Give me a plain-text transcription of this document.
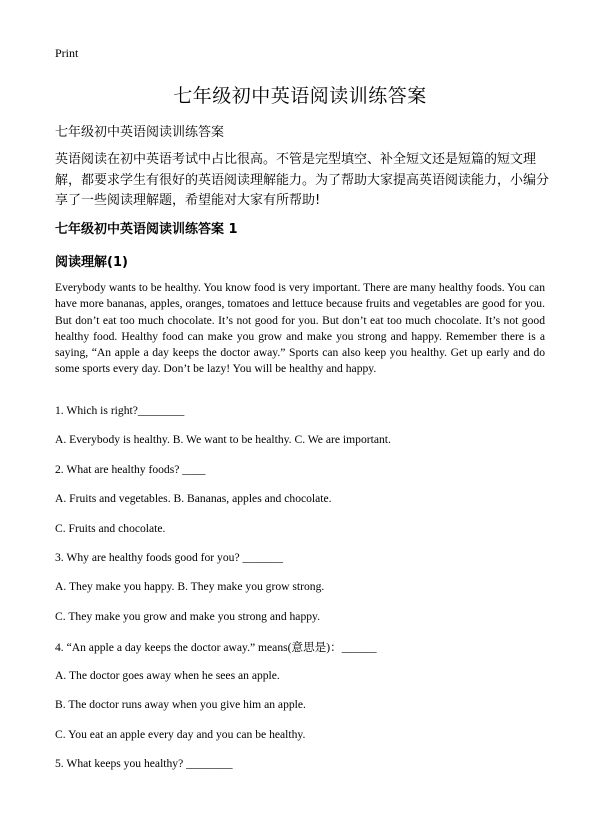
Print
七年级初中英语阅读训练答案
七年级初中英语阅读训练答案
英语阅读在初中英语考试中占比很高。不管是完型填空、补全短文还是短篇的短文理解，都要求学生有很好的英语阅读理解能力。为了帮助大家提高英语阅读能力，小编分享了一些阅读理解题，希望能对大家有所帮助!
七年级初中英语阅读训练答案 1
阅读理解(1)
Everybody wants to be healthy. You know food is very important. There are many healthy foods. You can have more bananas, apples, oranges, tomatoes and lettuce because fruits and vegetables are good for you. But don’t eat too much chocolate. It’s not good for you. But don’t eat too much chocolate. It’s not good healthy food. Healthy food can make you grow and make you strong and happy. Remember there is a saying, “An apple a day keeps the doctor away.” Sports can also keep you healthy. Get up early and do some sports every day. Don’t be lazy! You will be healthy and happy.
1. Which is right?________
A. Everybody is healthy. B. We want to be healthy. C. We are important.
2. What are healthy foods? ____
A. Fruits and vegetables. B. Bananas, apples and chocolate.
C. Fruits and chocolate.
3. Why are healthy foods good for you? _______
A. They make you happy. B. They make you grow strong.
C. They make you grow and make you strong and happy.
4. “An apple a day keeps the doctor away.” means(意思是)：______
A. The doctor goes away when he sees an apple.
B. The doctor runs away when you give him an apple.
C. You eat an apple every day and you can be healthy.
5. What keeps you healthy? ________
